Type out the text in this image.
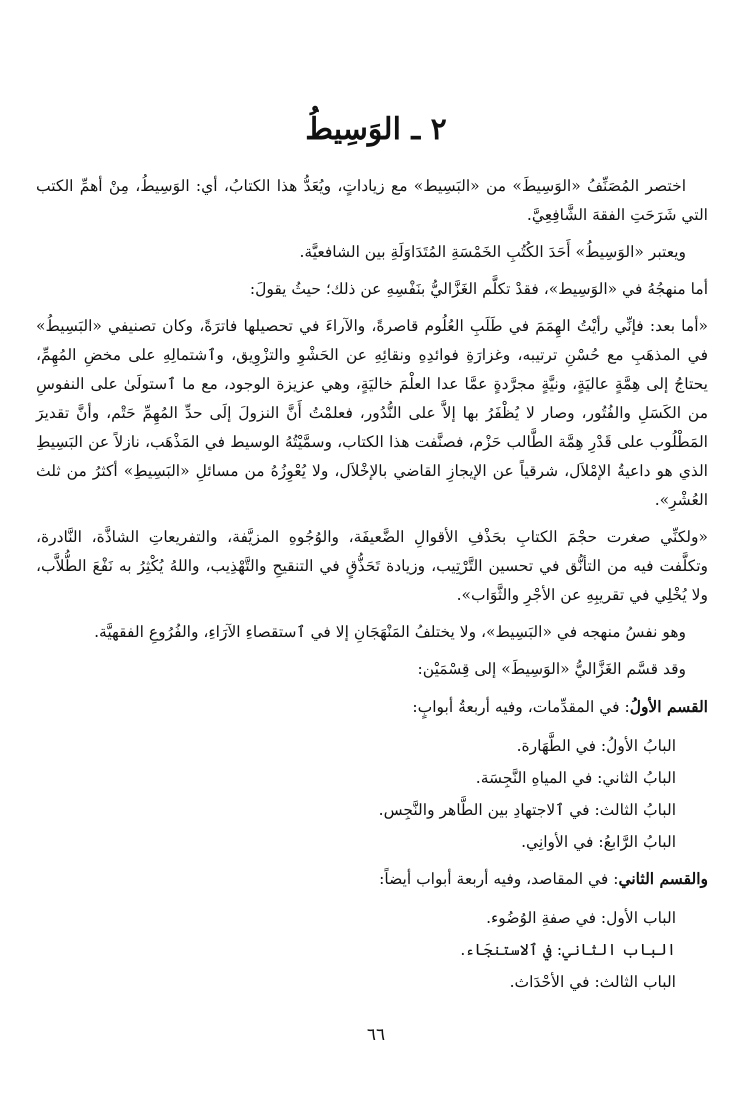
٢ ـ الوَسِيطُ

اختصر المُصَنِّفُ «الوَسِيطَ» من «البَسِيط» مع زياداتٍ، ويُعَدُّ هذا الكتابُ، أي: الوَسِيطُ، مِنْ أهمِّ الكتب التي شَرَحَتِ الفقهَ الشَّافِعِيَّ.

ويعتبر «الوَسِيطُ» أَحَدَ الكُتُبِ الخَمْسَةِ المُتَدَاوَلَةِ بين الشافعيَّة.

أما منهجُهُ في «الوَسِيط»، فقدْ تكلَّم الغَزَّاليُّ بنَفْسِهِ عن ذلك؛ حيثُ يقولَ:

«أما بعد: فإنِّي رأيْتُ الهِمَمَ في طَلَبِ العُلُوم قاصرةً، والآراءَ في تحصيلها فاترَةً، وكان تصنيفي «البَسِيطُ» في المذهَبِ مع حُسْنِ ترتيبه، وغزارَةِ فوائدِهِ ونقائِهِ عن الحَشْوِ والتزْوِيق، وٱشتمالِهِ على مخضِ المُهِمِّ، يحتاجُ إلى هِمَّةٍ عاليَةٍ، ونيَّةٍ مجرَّدةٍ عمَّا عدا العلْمَ خاليَةٍ، وهي عزيزة الوجود، مع ما ٱستولَىٰ على النفوسِ من الكَسَلِ والفُتُور، وصار لا يُظْفَرُ بها إلاَّ على النُّدُور، فعلمْتُ أَنَّ النزولَ إلَى حدِّ المُهِمِّ حَتْم، وأنَّ تقديرَ المَطْلُوب على قَدْرِ هِمَّة الطَّالب حَزْم، فصنَّفت هذا الكتاب، وسمَّيْتُهُ الوسيط في المَذْهَب، نازلاً عن البَسِيطِ الذي هو داعيةُ الإمْلاَل، شرقياً عن الإيجازِ القاضي بالإخْلاَل، ولا يُعْوِزُهُ من مسائلِ «البَسِيطِ» أكثرُ من ثلث العُشْرِ».

«ولكنِّي صغرت حجْمَ الكتابِ بحَذْفِ الأقوالِ الضَّعيفَة، والوُجُوهِ المزيَّفة، والتفريعاتِ الشاذَّة، النَّادرة، وتكلَّفت فيه من التأنُّق في تحسين التَّرْتِيب، وزيادة تَحَذُّقٍ في التنقيحِ والتَّهْذِيب، واللهُ يُكْثِرُ به نَفْعَ الطُّلاَّب، ولا يُخْلِي في تقريبِهِ عن الأجْرِ والثَّوَاب».

وهو نفسُ منهجه في «البَسِيط»، ولا يختلفُ المَنْهَجَانِ إلا في ٱستقصاءِ الآرَاءِ، والفُرُوعِ الفقهيَّة.

وقد قسَّم الغَزَّاليُّ «الوَسِيطَ» إلى قِسْمَيْن:

القسم الأولُ: في المقدِّمات، وفيه أربعةُ أبوابٍ:

البابُ الأولُ: في الطَّهَارة.
البابُ الثاني: في المياهِ النَّجِسَة.
البابُ الثالث: في ٱلاجتهادِ بين الطَّاهر والنَّجِس.
البابُ الرَّابعُ: في الأوانِي.

والقسم الثاني: في المقاصد، وفيه أربعة أبواب أيضاً:

الباب الأول: في صفةِ الوُضُوء.
الباب الثاني: في ٱلاستنجَاء.
الباب الثالث: في الأحْدَاث.
٦٦
